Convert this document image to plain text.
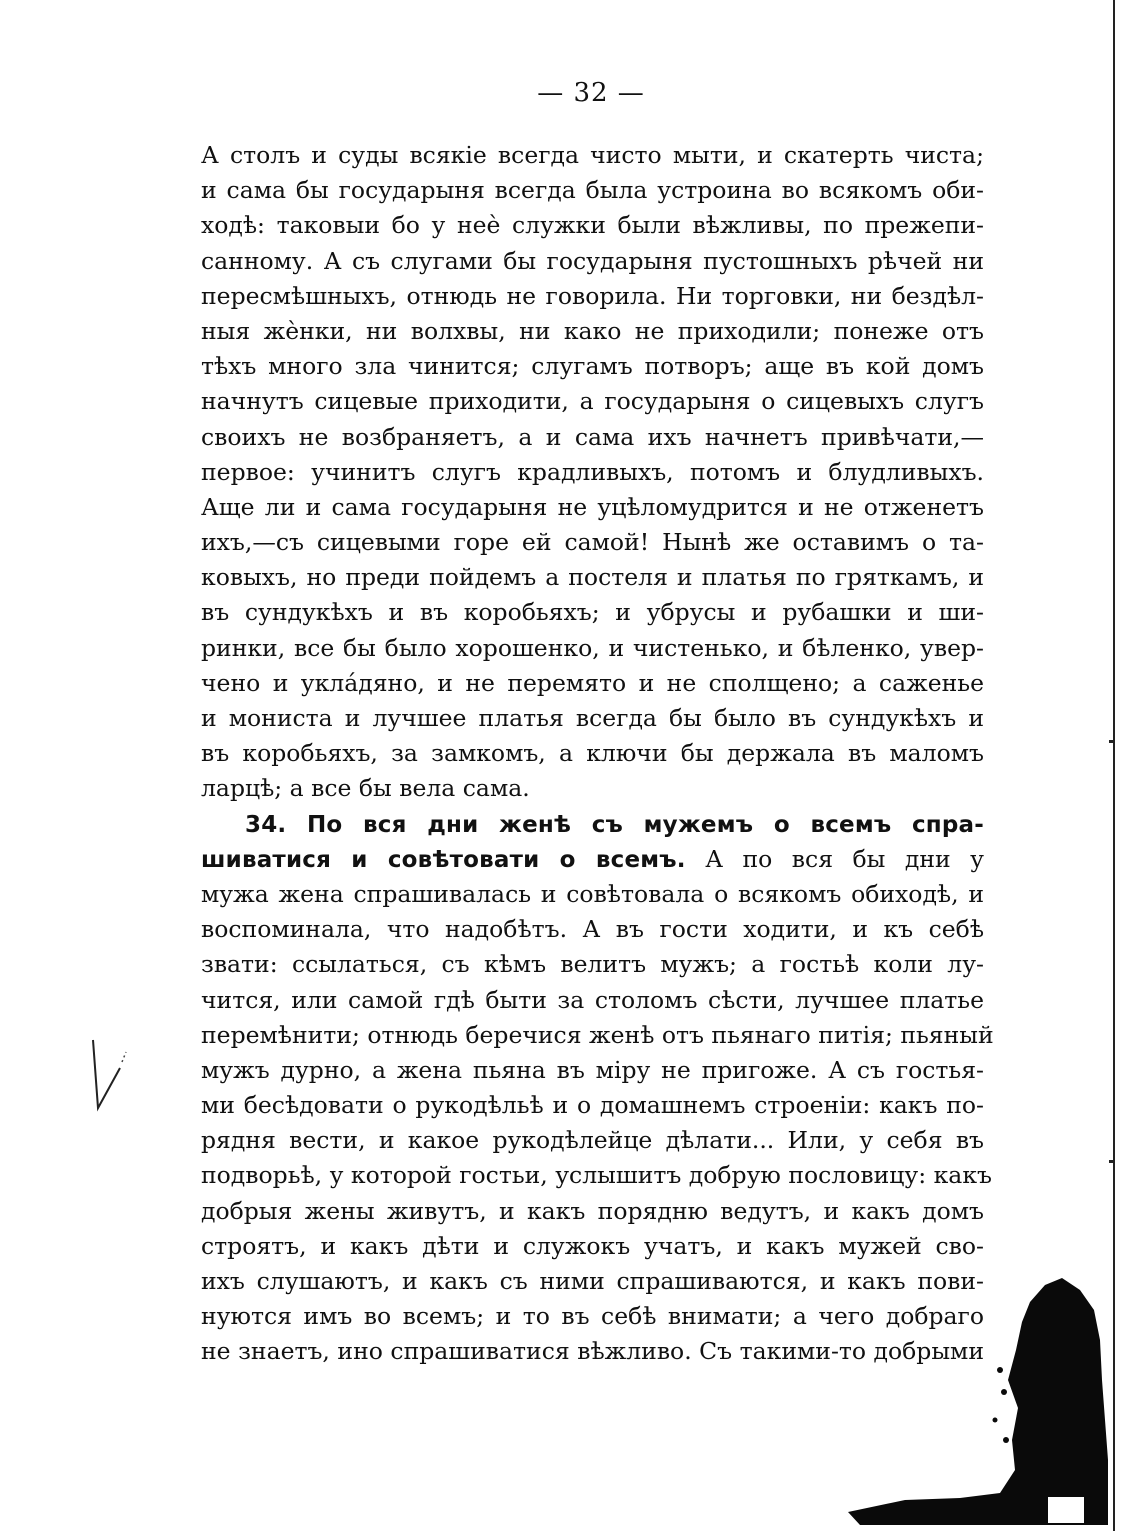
— 32 —
А столъ и суды всякіе всегда чисто мыти, и скатерть чиста;
и сама бы государыня всегда была устроина во всякомъ оби-
ходѣ: таковыи бо у неѐ служки были вѣжливы, по прежепи-
санному. А съ слугами бы государыня пустошныхъ рѣчей ни
пересмѣшныхъ, отнюдь не говорила. Ни торговки, ни бездѣл-
ныя жѐнки, ни волхвы, ни како не приходили; понеже отъ
тѣхъ много зла чинится; слугамъ потворъ; аще въ кой домъ
начнутъ сицевые приходити, а государыня о сицевыхъ слугъ
своихъ не возбраняетъ, а и сама ихъ начнетъ привѣчати,—
первое: учинитъ слугъ крадливыхъ, потомъ и блудливыхъ.
Аще ли и сама государыня не уцѣломудрится и не отженетъ
ихъ,—съ сицевыми горе ей самой! Нынѣ же оставимъ о та-
ковыхъ, но преди пойдемъ а постеля и платья по гряткамъ, и
въ сундукѣхъ и въ коробьяхъ; и убрусы и рубашки и ши-
ринки, все бы было хорошенко, и чистенько, и бѣленко, увер-
чено и уклáдяно, и не перемято и не сполщено; а саженье
и мониста и лучшее платья всегда бы было въ сундукѣхъ и
въ коробьяхъ, за замкомъ, а ключи бы держала въ маломъ
ларцѣ; а все бы вела сама.
34. По вся дни женѣ съ мужемъ о всемъ спра-
шиватися и совѣтовати о всемъ. А по вся бы дни у
мужа жена спрашивалась и совѣтовала о всякомъ обиходѣ, и
воспоминала, что надобѣтъ. А въ гости ходити, и къ себѣ
звати: ссылаться, съ кѣмъ велитъ мужъ; а гостьѣ коли лу-
чится, или самой гдѣ быти за столомъ сѣсти, лучшее платье
перемѣнити; отнюдь беречися женѣ отъ пьянаго питія; пьяный
мужъ дурно, а жена пьяна въ міру не пригоже. А съ гостья-
ми бесѣдовати о рукодѣльѣ и о домашнемъ строеніи: какъ по-
рядня вести, и какое рукодѣлейце дѣлати... Или, у себя въ
подворьѣ, у которой гостьи, услышитъ добрую пословицу: какъ
добрыя жены живутъ, и какъ порядню ведутъ, и какъ домъ
строятъ, и какъ дѣти и служокъ учатъ, и какъ мужей сво-
ихъ слушаютъ, и какъ съ ними спрашиваются, и какъ пови-
нуются имъ во всемъ; и то въ себѣ внимати; а чего добраго
не знаетъ, ино спрашиватися вѣжливо. Съ такими-то добрыми
